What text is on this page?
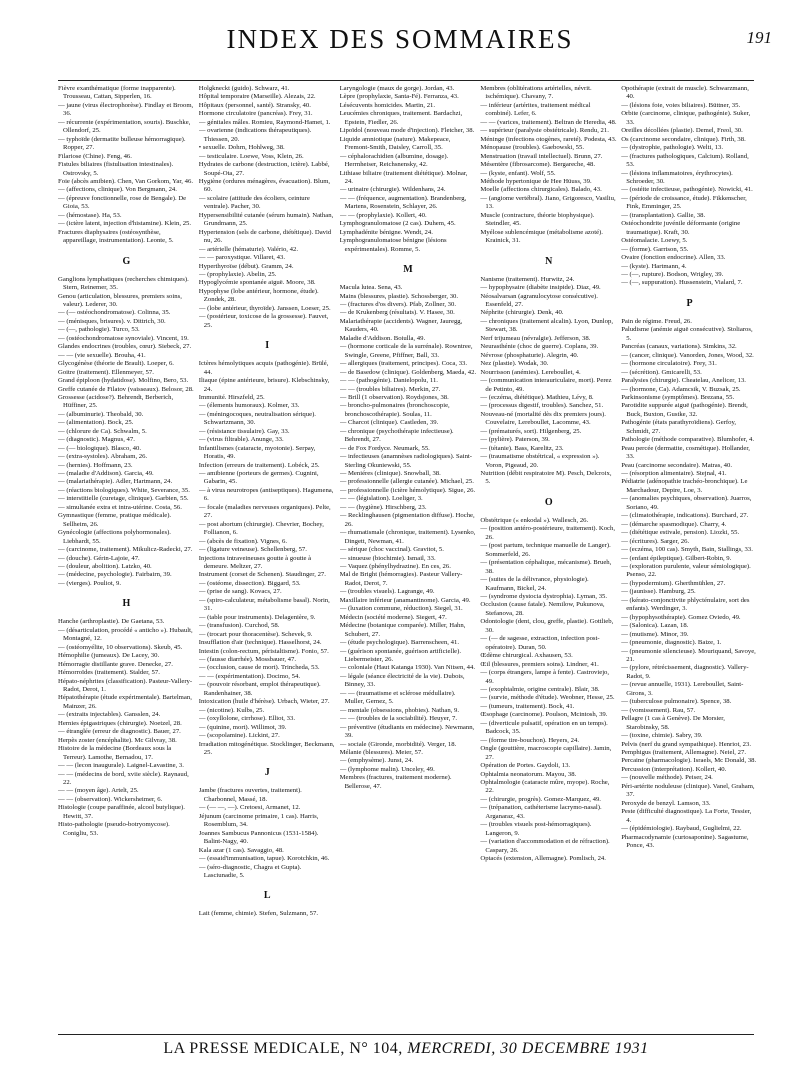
INDEX DES SOMMAIRES	191
Fièvre exanthématique (forme inapparente). Trousseau, Cattan, Sipperlen, 16.
— jaune (virus électrophorèse). Findlay et Broom, 36.
— récurrente (expérimentation, souris). Buschke, Ollendorf, 25.
— typhoïde (dermatite bulleuse hémorragique). Ropper, 27.
Filariose (Chine). Feng, 46.
Fistules biliaires (fistulisation intestinales). Ostrovsky, 5.
Foie (abcès amibien). Chen, Van Gorkom, Yar, 46.
— (affections, clinique). Von Bergmann, 24.
— (épreuve fonctionnelle, rose de Bengale). De Gioia, 53.
— (hémostase). Ha, 53.
— (ictère latent, injection d'histamine). Klein, 25.
Fractures diaphysaires (ostéosynthèse, appareillage, instrumentation). Leonte, 5.
G
Ganglions lymphatiques (recherches chimiques). Stern, Reinemer, 35.
Genou (articulation, blessures, premiers soins, valeur). Lederer, 30.
— (— ostéochondromatose). Colinna, 35.
— (ménisques, brisures). v. Dittrich, 30.
— (—, pathologie). Turco, 53.
— (ostéochondromatose synoviale). Vincent, 19.
Glandes endocrines (troubles, cœur). Siebeck, 27.
— — (vie sexuelle). Brouha, 41.
Glycogénèse (théorie de Brault). Loeper, 6.
Goitre (traitement). Ellenmeyer, 57.
Grand épiploon (hydatidose). Molfino, Bero, 53.
Greffe cutanée de Filatov (vaisseaux). Belosor, 28.
Grossesse (acidose?). Behrendt, Berberich, Hüffiner, 25.
— (albuminurie). Theobald, 30.
— (alimentation). Bock, 25.
— (chlorure de Ca). Schwalm, 5.
— (diagnostic). Magnus, 47.
— (— biologique). Blasco, 40.
— (extra-systoles). Abraham, 26.
— (hernies). Hoffmann, 23.
— (maladie d'Addison). Garcia, 49.
— (malariathérapie). Adler, Hartmann, 24.
— (réactions biologiques). White, Severance, 35.
— interstitielle (curetage, clinique). Garbien, 55.
— simultanée extra et intra-utérine. Costa, 56.
Gymnastique (femme, pratique médicale). Sellheim, 26.
Gynécologie (affections polyhormonales). Liebhardt, 55.
— (carcinome, traitement). Mikulicz-Radecki, 27.
— (douche). Gérin-Lajoie, 47.
— (douleur, abolition). Latzko, 40.
— (médecine, psychologie). Fairbairn, 39.
— (vierges). Pouliot, 9.
H
Hanche (arthroplastie). De Gaetana, 53.
— (désarticulation, procédé « anticho »). Hubault, Montagné, 12.
— (ostéomyélite, 10 observations). Skeub, 45.
Hémophilie (jumeaux). De Lacey, 30.
Hémorragie distillante grave. Denecke, 27.
Hémorroïdes (traitement). Stalder, 57.
Hépato-néphrites (classification). Pasteur-Vallery-Radot, Derot, 1.
Hépatothérapie (étude expérimentale). Bartelman, Mainzer, 26.
— (extraits injectables). Gansslen, 24.
Hernies épigastriques (chirurgie). Noetzel, 28.
— étranglée (erreur de diagnostic). Bauer, 27.
Herpès zoster (encéphalite). Mc Gilvray, 38.
Histoire de la médecine (Bordeaux sous la Terreur). Lamothe, Bernadou, 17.
— — (lecon inaugurale). Laignel-Lavastine, 3.
— — (médecins de bord, xviie siècle). Raynaud, 22.
— — (moyen âge). Artelt, 25.
— — (observation). Wickersheimer, 6.
Histologie (coupe paraffinée, alcool butylique). Hewitt, 37.
Histo-pathologie (pseudo-botryomycose). Conigliu, 53.
Holgkneckt (guido). Schwarz, 41.
Hôpital temporaire (Marseille). Alezais, 22.
Hôpitaux (personnel, santé). Stransky, 40.
Hormone circulatoire (pancréas). Frey, 31.
— génitales mâles. Romieu, Raymond-Hamet, 1.
— ovarienne (indications thérapeutiques). Thiessen, 20.
• sexuelle. Dohrn, Hohlweg, 38.
— testiculaire. Loewe, Voss, Klein, 26.
Hydrates de carbone (destruction, ictère). Labbé, Soupé-Ota, 27.
Hygiène (ordures ménagères, évacuation). Blum, 60.
— scolaire (attitude des écoliers, ceinture ventrale). Pacher, 30.
Hypersensibilité cutanée (sérum humain). Nathan, Grundmann, 25.
Hypertension (sels de carbone, diététique). David nu, 26.
— artérielle (hématurie). Valério, 42.
— — paroxystique. Villaret, 43.
Hyperthyroïse (début). Gramm, 24.
— (prophylaxie). Abelin, 25.
Hypoglycémie spontanée aiguë. Moore, 38.
Hypophyse (lobe antérieur, hormone, étude). Zondek, 28.
— (lobe antérieur, thyroïde). Janssen, Loeser, 25.
— (postérieur, toxicose de la grossesse). Fauvet, 25.
I
Ictères hémolytiques acquis (pathogénie). Brülé, 44.
Iliaque (épine antérieure, brisure). Klebschinsky, 24.
Immunité. Hirszfeld, 25.
— (élements humoraux). Kolmer, 33.
— (méningocoques, neutralisation sérique). Schwartzmann, 30.
— (résistance tissulaire). Gay, 33.
— (virus filtrable). Anunge, 33.
Infantilismes (cataracte, myotonie). Serpay, Horatis, 49.
Infection (erreurs de traitement). Lobéck, 25.
— amibienne (porteurs de germes). Cugnini, Gabarin, 45.
— à virus neurotropes (antiseptiques). Hagumena, 6.
— focale (maladies nerveuses organiques). Pelte, 27.
— post abortum (chirurgie). Chevrier, Bochey, Follianon, 6.
— (abcès de fixation). Vignes, 6.
— (ligature veineuse). Schellenberg, 57.
Injections intraveineuses goutte à goutte à demeure. Meltzer, 27.
Instrument (corset de Schenen). Staudinger, 27.
— (ostéome, dissection). Biggard, 53.
— (prise de sang). Kovacs, 27.
— (spiro-calculateur, métabolisme basal). Norin, 31.
— (table pour instruments). Delagenière, 9.
— (transfusion). Curchod, 58.
— (trocart pour thoracentèse). Schevek, 9.
Insufflation d'air (technique). Hasselhorst, 24.
Intestin (colon-rectum, péristaltisme). Fonio, 57.
— (fausse diarrhée). Mossbauer, 47.
— (occlusion, cause de mort). Trincheda, 53.
— — (expérimentation). Docimo, 54.
— (pouvoir résorbant, emploi thérapeutique). Randenhainer, 38.
Intoxication (huile d'hérèse). Urbach, Wieter, 27.
— (nicotine). Kulbs, 25.
— (oxyllolone, cirrhose). Elliot, 33.
— (quinine, mort). Willimot, 39.
— (scopolamine). Lickint, 27.
Irradiation mitogénétique. Stocklinger, Beckmann, 25.
J
Jambe (fractures ouvertes, traitement). Charbonnel, Massé, 18.
— (— —, —). Cretoesi, Armanet, 12.
Jéjunum (carcinome primaire, 1 cas). Harris, Rosemblum, 34.
Joannes Sambucus Pannonicus (1531-1584). Balint-Nagy, 40.
Kala azar (1 cas). Savaggio, 48.
— (essaid'immunisation, tapue). Korotchkin, 46.
— (séro-diagnostic, Chagra et Gupta). Lasciunadie, 5.
L
Lait (femme, chimie). Stefen, Sulzmann, 57.
Laryngologie (maux de gorge). Jordan, 43.
Lèpre (prophylaxie, Santa-Fé). Ferranza, 43.
Lésécuvents homicides. Martin, 21.
Leucémies chroniques, traitement. Bardachzi, Epstein, Fiedler, 26.
Lipoïdol (nouveau mode d'injection). Fletcher, 38.
Liquide amniotique (nature). Makepeace, Fremont-Smith, Daisley, Carroll, 35.
— céphalorachidien (albumine, dosage). Herrnheiser, Reichsnensky, 42.
Lithiase biliaire (traitement diététique). Molnar, 24.
— urinaire (chirurgie). Wildenhans, 24.
— — (fréquence, augmentation). Brandenberg, Martens, Rosenstein, Schlayer, 26.
— — (prophylaxie). Kollert, 40.
Lymphogranulomatose (2 cas). Duhem, 45.
Lymphadénite bénigne. Wendt, 24.
Lymphogranulomatose bénigne (lésions expérimentales). Romme, 5.
M
Macula lutea. Sena, 43.
Mains (blessures, plastie). Schossberger, 30.
— (fractures d'os divers). Pfab, Zollner, 30.
— de Krukenberg (résultats). V. Hasee, 30.
Malariathérapie (accidents). Wagner, Jauregg, Kauders, 40.
Maladie d'Addison. Boiulla, 49.
— (hormone corticale de la surrénale). Rowntree, Swingle, Greene, Pfiffner, Ball, 33.
— allergiques (traitement, principes). Coca, 33.
— de Basedow (clinique). Goldenberg, Maeda, 42.
— — (pathogénie). Danielopolu, 11.
— — (troubles biliaires). Merkin, 27.
— Brill (1 observation). Roydsjones, 38.
— broncho-pulmonaires (bronchoscopie, bronchoscothérapie). Soulas, 11.
— Charcot (clinique). Castleden, 39.
— chronique (psychothérapie infectieuse). Behrendt, 27.
— de Fox Fordyce. Neumark, 55.
— infectieuses (anamnèses radiologiques). Saint-Sterling Okuniewski, 55.
— Meniéres (clinique). Snowball, 38.
— professionnelle (allergie cutanée). Michael, 25.
— professionnelle (ictère hémolytique). Sigue, 26.
— — (législation). Loeliger, 3.
— — (hygiène). Hirschberg, 23.
— Recklinghausen (pigmentation diffuse). Hoche, 26.
— rhumatismale (chronique, traitement). Lysenko, Dingett, Newman, 41.
— sérique (choc vaccinal). Gravitot, 5.
— sinueuse (biochimie). Ismail, 33.
— Vaquez (phénylhydrazine). En ces, 26.
Mal de Bright (hémorragies). Pasteur Vallery-Radot, Derot, 7.
— (troubles visuels). Lagrange, 49.
Maxillaire inférieur (anamantinome). Garcia, 49.
— (luxation commune, réduction). Siegel, 31.
Médecin (société moderne). Siegert, 47.
Médecine (botanique comparée). Miller, Hahn, Schubert, 27.
— (étude psychologique). Barrenscheen, 41.
— (guérison spontanée, guérison artificielle). Liebermeister, 26.
— coloniale (Haut Katanga 1930). Van Nitsen, 44.
— légale (séance électricité de la vie). Dubois, Binney, 33.
— — (traumatisme et sclérose médullaire). Muller, Gernez, 5.
— mentale (obsessions, phobies). Nathan, 9.
— — (troubles de la sociabilité). Heuyer, 7.
— préventive (étudiants en médecine). Newmann, 39.
— sociale (Gironde, morbidité). Verger, 18.
Mélanie (blessures). Meier, 57.
— (emphysème). Junst, 24.
— (lymphome malin). Unceley, 49.
Membres (fractures, traitement moderne). Bellerose, 47.
Membres (oblitérations artérielles, névrit. ischémique). Chavany, 7.
— inférieur (artérites, traitement médical combiné). Lefer, 6.
— — (varices, traitement). Beltran de Heredia, 48.
— supérieur (paralysie obstétricale). Rendu, 21.
Méninge (infections otogènes, rareté). Podesta, 43.
Ménopause (troubles). Gaebowski, 55.
Menstruation (travail intellectuel). Brunn, 27.
Mésentère (fibrosarcome). Bergareche, 48.
— (kyste, enfant). Wolf, 55.
Méthode hypertonique de Hee Hüuss, 39.
Moelle (affections chirurgicales). Balado, 43.
— (angiome vertébral). Jiano, Grigoresco, Vasiliu, 13.
Muscle (contracture, théorie biophysique). Steindler, 45.
Myélose sublencémique (métabolisme azoté). Krainick, 31.
N
Nanisme (traitement). Hurwitz, 24.
— hypophysaire (diabète insipide). Diaz, 49.
Néosalvarsan (agranulocytose consécutive). Essenfeld, 27.
Néphrite (chirurgie). Denk, 40.
— chroniques (traitement alcalin). Lyon, Dunlop, Stewart, 38.
Nerf trijumeau (névralgie). Jefferson, 38.
Neurasthénie (choc de guerre). Coplans, 39.
Névrose (phosphaturie). Alegrin, 40.
Nez (plastie). Wodak, 30.
Nourrisson (anémies). Lereboullet, 4.
— (communication interauriculaire, mort). Perez de Petinto, 49.
— (eczéma, diététique). Mathieu, Lévy, 8.
— (processus digestif, troubles). Sanchez, 51.
Nouveau-né (mortalité dès dix premiers jours). Couvelaire, Lereboullet, Lacomme, 43.
— (prématurés, sort). Hilgenberg, 25.
— (pylière). Paterson, 39.
— (tétanie). Bass, Karelitz, 23.
— (traumatisme obstétrical, « expression »). Voron, Pigeaud, 20.
Nutrition (débit respiratoire M). Pesch, Delcroix, 5.
O
Obstétrique (« enkodal »). Wallesch, 26.
— (position antéro-postérieure, traitement). Koch, 26.
— (post partum, technique manuelle de Langer). Sommerfeld, 26.
— (présentation céphalique, mécanisme). Brueh, 38.
— (suites de la délivrance, physiologie). Kaufmann, Bickel, 24.
— (syndrome dystocia dystrophia). Lyman, 35.
Occlusion (cause fatale). Nemilow, Pukunova, Stefanova, 28.
Odontologie (dent, clou, greffe, plastie). Gottlieb, 30.
— (— de sagesse, extraction, infection post-opératoire). Duran, 50.
Œdème chirurgical. Axhausen, 53.
Œil (blessures, premiers soins). Lindner, 41.
— (corps étrangers, lampe à fente). Castroviejo, 49.
— (exophtalmie, origine centrale). Blair, 38.
— (survie, méthode d'étude). Weobner, Hesse, 25.
— (tumeurs, traitement). Bock, 41.
Œsophage (carcinome). Poulson, Mcintosh, 39.
— (diverticule pulsatif, opération en un temps). Badcock, 35.
— (forme tire-bouchon). Heyers, 24.
Ongle (gouttière, macroscopie capillaire). Jamin, 27.
Opération de Portes. Gaydoli, 13.
Ophtalmia neonatorum. Mayou, 38.
Ophtalmologie (cataracte mûre, myope). Roche, 22.
— (chirurgie, progrès). Gomez-Marquez, 49.
— (trépanation, cathéterisme lacrymo-nasal). Arganaraz, 43.
— (troubles visuels post-hémorragiques). Langeron, 9.
— (variation d'accommodation et de réfraction). Caspary, 26.
Optacés (extension, Allemagne). Pomlisch, 24.
Opothérapie (extrait de muscle). Schwarzmann, 40.
— (lésions foie, voies biliaires). Büttner, 35.
Orbite (carcinome, clinique, pathogénie). Suker, 33.
Oreilles décollées (plastie). Demel, Freol, 30.
Os (carcinome secondaire, clinique). Firth, 38.
— (dystrophie, pathologie). Welti, 13.
— (fractures pathologiques, Calcium). Rolland, 53.
— (lésions inflammatoires, érythrocytes). Schroeder, 30.
— (ostéite infectieuse, pathogénie). Nowicki, 41.
— (période de croissance, étude). Fikkenscher, Fink, Emminger, 25.
— (transplantation). Gallie, 38.
Ostéochondrite juvénile déformante (origine traumatique). Kraft, 30.
Ostéomalacie. Loewy, 5.
— (forme). Garrison, 55.
Ovaire (fonction endocrine). Allen, 33.
— (kyste). Hartmann, 4.
— (—, rupture). Bodson, Wrigley, 39.
— (—, suppuration). Hussenstein, Vialard, 7.
P
Pain de régime. Freud, 26.
Paludisme (anémie aiguë consécutive). Stoliaros, 5.
Pancréas (canaux, variations). Simkins, 32.
— (cancer, clinique). Vanorden, Jones, Wood, 32.
— (hormone circulatoire). Frey, 31.
— (sécrétion). Gmicarelli, 53.
Paralysies (chirurgie). Cheatelau, Anelicer, 13.
— (hormone, Ca). Adamcsik, V. Buzsak, 25.
Parkinsonisme (symptômes). Brezana, 55.
Parotidite suppurée aiguë (pathogénie). Brendt, Buck, Buxton, Gustke, 32.
Pathogénie (états parathyroïdiens). Gerfoy, Schmidt, 27.
Pathologie (méthode comparative). Blumhofer, 4.
Peau percée (dermatite, cosmétique). Hollander, 33.
Peau (carcinome secondaire). Matras, 40.
— (résorption alimentaire). Stejnal, 41.
Pédiatrie (adénopathie trachéo-bronchique). Le Marchadour, Depire, Loe, 3.
— (anomalies psychiques, observation). Juarros, Soriano, 49.
— (climatothérapie, indications). Burchard, 27.
— (démarche spasmodique). Charry, 4.
— (diététique estivale, pension). Liozki, 55.
— (écritures). Sarger, 26.
— (eczéma, 100 cas). Smyth, Bain, Stallings, 33.
— (enfant épileptique). Gilbert-Robin, 9.
— (exploration purulente, valeur sémiologique). Psenso, 22.
— (hypodermium). Gherthmühlen, 27.
— (jaunisse). Hamburg, 25.
— (kérato-conjonctivite phlycténulaire, sort des enfants). Werdinger, 3.
— (hypophysothérapie). Gomez Oviedo, 49.
— (Salonica). Lazan, 18.
— (mutisme). Minor, 39.
— (pneumonie, diagnostic). Baize, 1.
— (pneumonie silencieuse). Mouriquand, Savoye, 21.
— (pylore, rétrécissement, diagnostic). Vallery-Radot, 9.
— (revue annuelle, 1931). Lereboullet, Saint-Girons, 3.
— (tuberculose pulmonaire). Spence, 38.
— (vomissement). Rau, 57.
Pellagre (1 cas à Genève). De Morsier, Starobinsky, 58.
— (toxine, chimie). Sabry, 39.
Pelvis (nerf du grand sympathique). Henriot, 23.
Pemphigus (traitement, Allemagne). Neiel, 27.
Percaine (pharmacologie). Israels, Mc Donald, 38.
Percussion (interprétation). Kollert, 40.
— (nouvelle méthode). Peiser, 24.
Péri-artérite noduleuse (clinique). Vanel, Graham, 37.
Peroxyde de benzyl. Lamson, 33.
Peste (difficulté diagnostique). La Forte, Tessier, 4.
— (épidémiologie). Raybaud, Guglielmi, 22.
Pharmacodynamie (curtosaponine). Sagastume, Ponce, 43.
LA PRESSE MEDICALE, N° 104, MERCREDI, 30 DECEMBRE 1931
